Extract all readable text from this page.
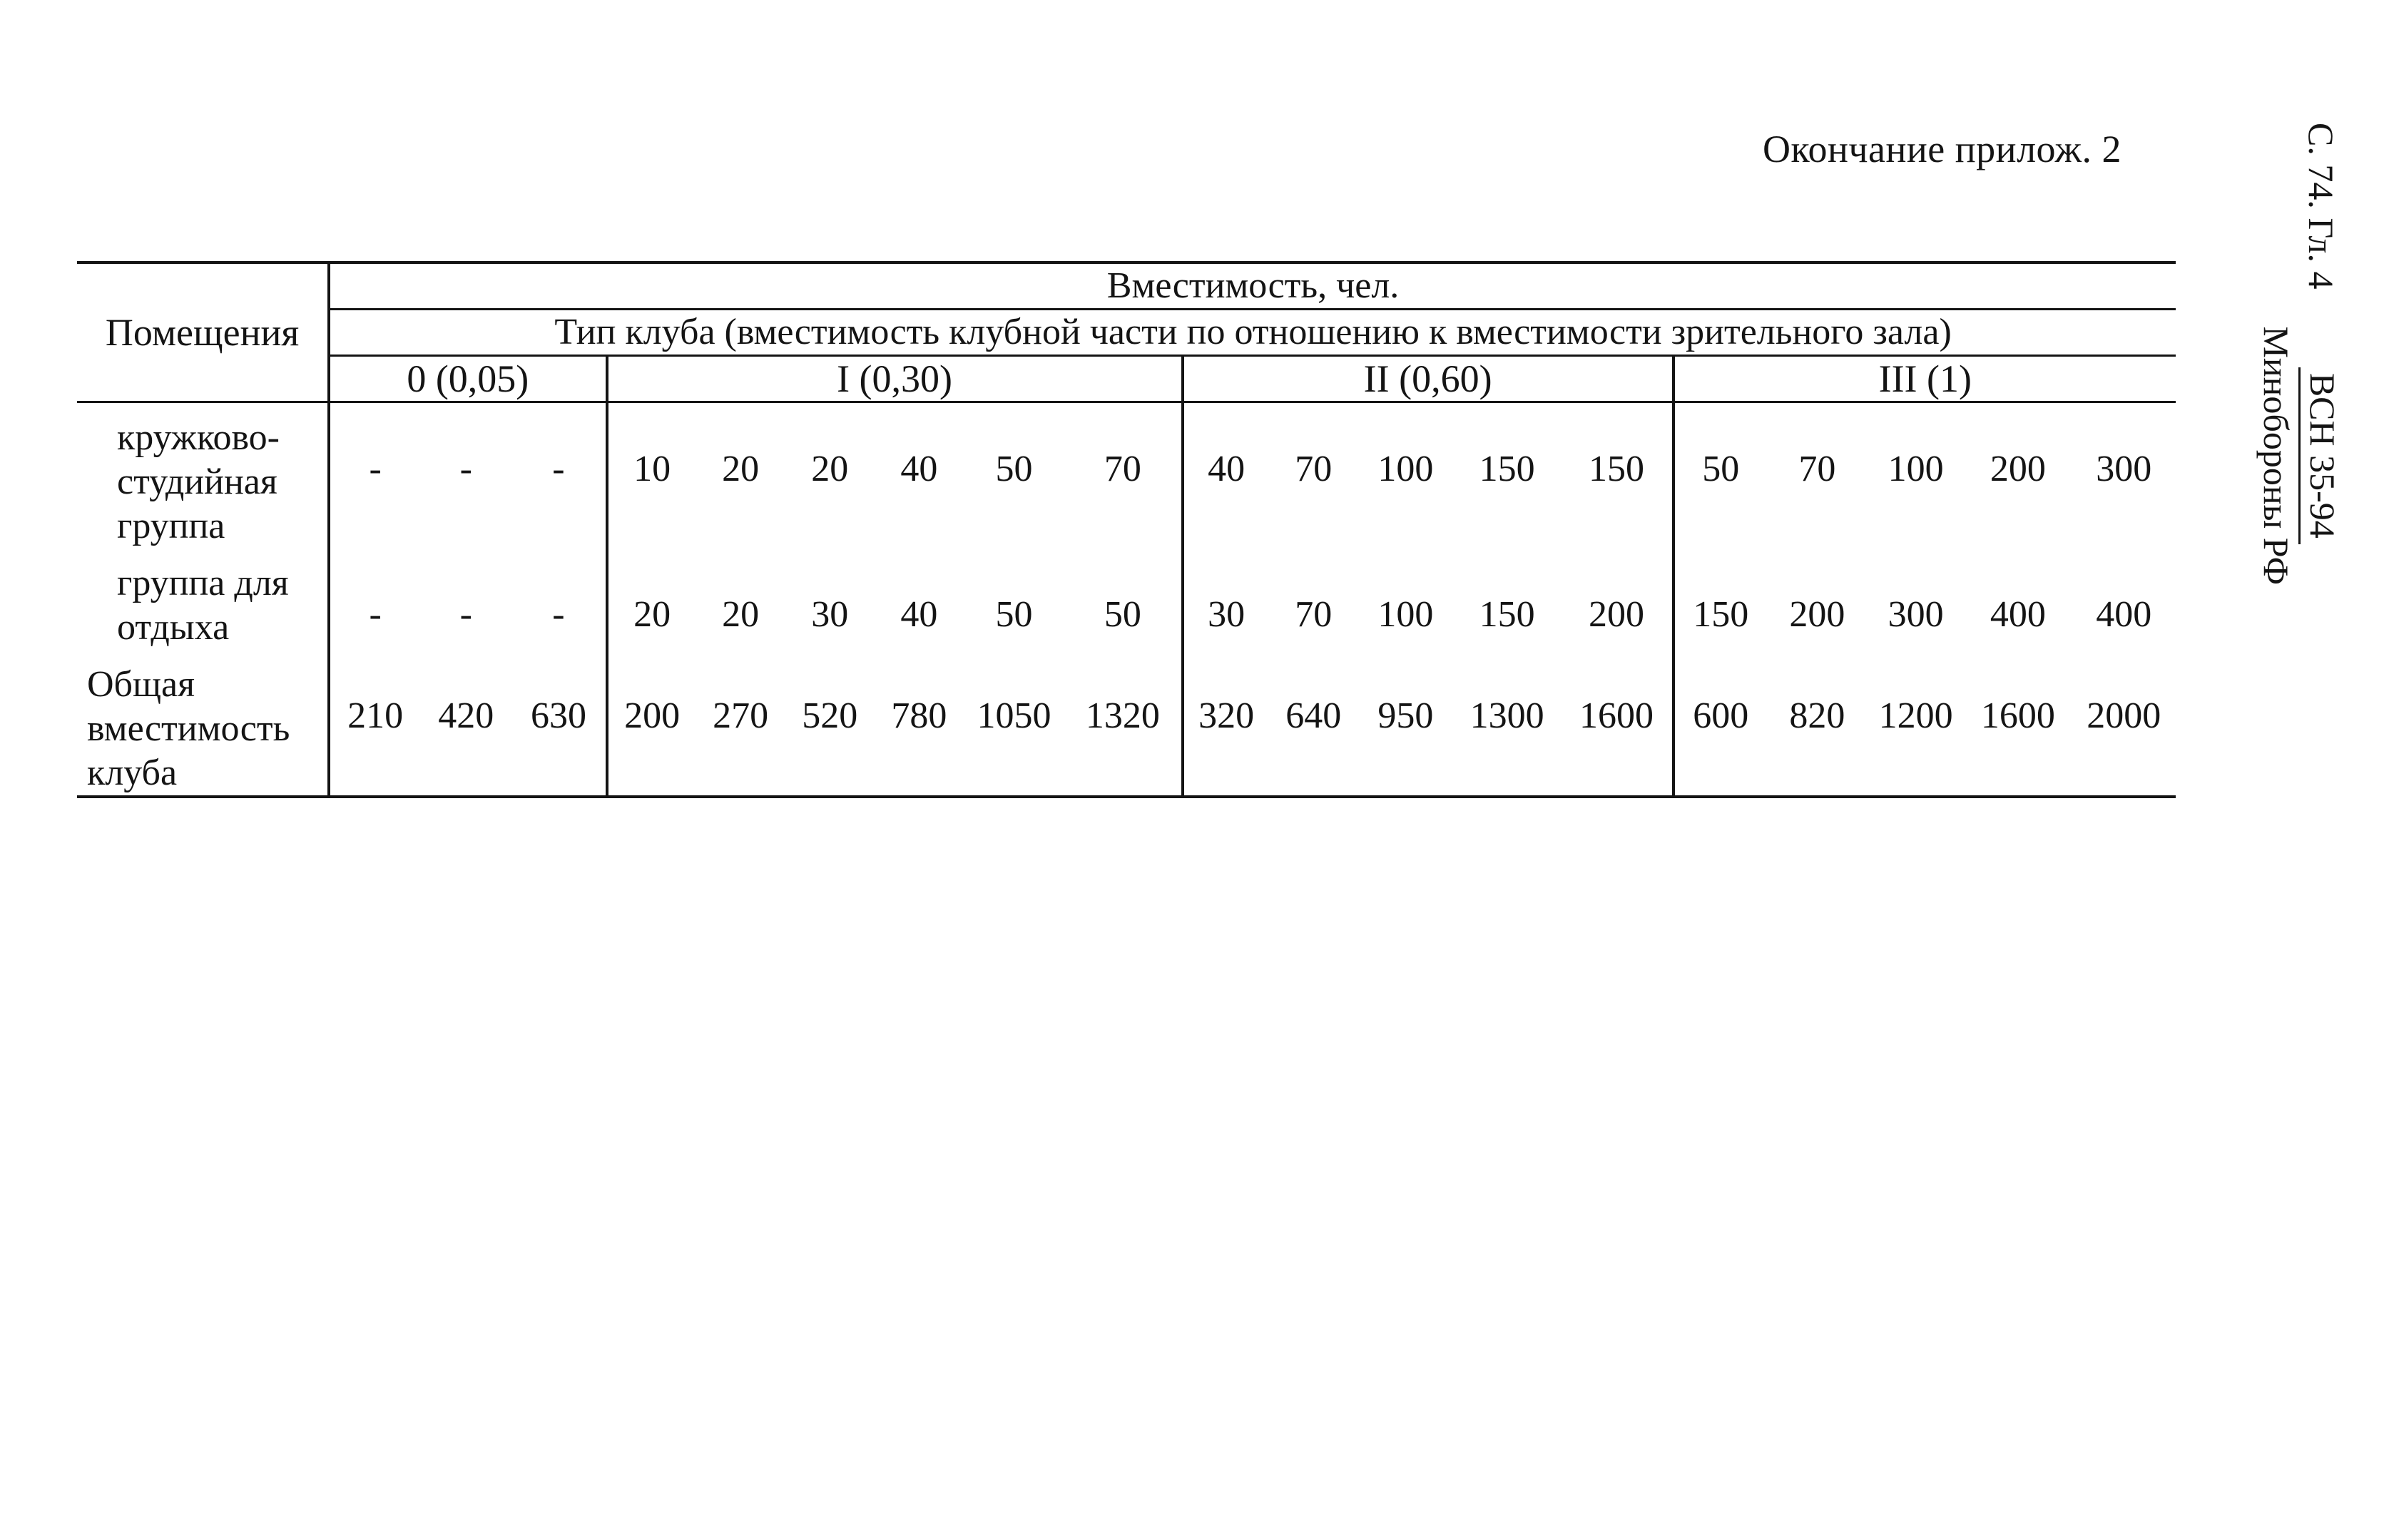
Окончание прилож. 2	С. 74. Гл. 4
ВСН 35-94
Минобороны РФ
Помещения	Вместимость, чел.																		
	Тип клуба (вместимость клубной части по отношению к вместимости зрительного зала)																		
	0 (0,05)			I (0,30)						II (0,60)					III (1)				
кружково-студийная группа	-	-	-	10	20	20	40	50	70	40	70	100	150	150	50	70	100	200	300
группа для отдыха	-	-	-	20	20	30	40	50	50	30	70	100	150	200	150	200	300	400	400
Общая вместимость клуба	210	420	630	200	270	520	780	1050	1320	320	640	950	1300	1600	600	820	1200	1600	2000
